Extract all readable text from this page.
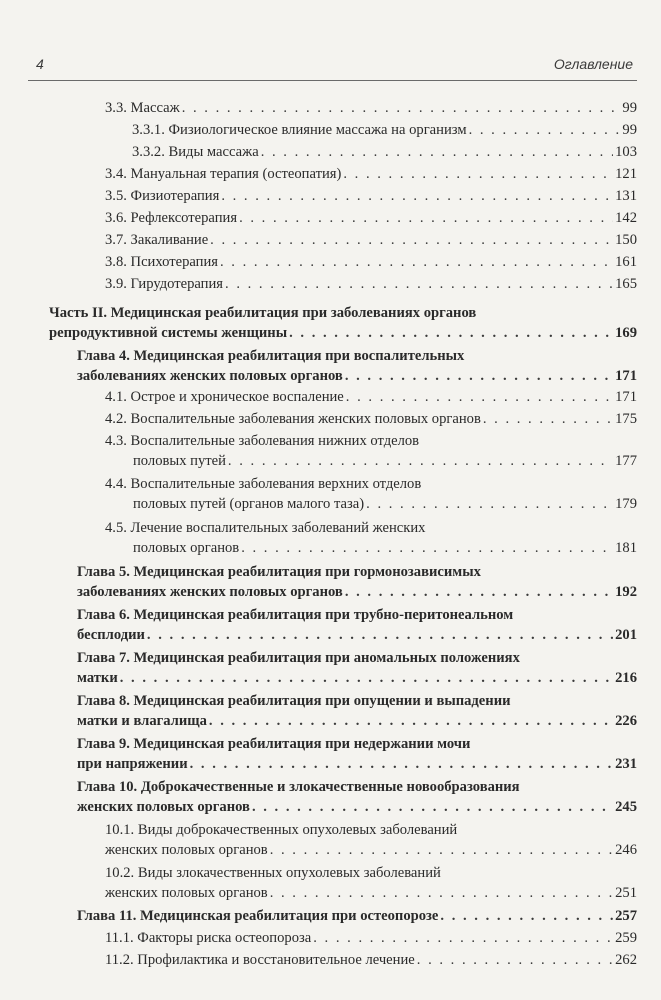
4	Оглавление
3.3. Массаж . . .	99
3.3.1. Физиологическое влияние массажа на организм . . .	99
3.3.2. Виды массажа . . .	103
3.4. Мануальная терапия (остеопатия) . . .	121
3.5. Физиотерапия . . .	131
3.6. Рефлексотерапия . . .	142
3.7. Закаливание . . .	150
3.8. Психотерапия . . .	161
3.9. Гирудотерапия . . .	165
Часть II. Медицинская реабилитация при заболеваниях органов
репродуктивной системы женщины . . .	169
Глава 4. Медицинская реабилитация при воспалительных
заболеваниях женских половых органов . . .	171
4.1. Острое и хроническое воспаление . . .	171
4.2. Воспалительные заболевания женских половых органов . . .	175
4.3. Воспалительные заболевания нижних отделов
половых путей . . .	177
4.4. Воспалительные заболевания верхних отделов
половых путей (органов малого таза) . . .	179
4.5. Лечение воспалительных заболеваний женских
половых органов . . .	181
Глава 5. Медицинская реабилитация при гормонозависимых
заболеваниях женских половых органов . . .	192
Глава 6. Медицинская реабилитация при трубно-перитонеальном
бесплодии . . .	201
Глава 7. Медицинская реабилитация при аномальных положениях
матки . . .	216
Глава 8. Медицинская реабилитация при опущении и выпадении
матки и влагалища . . .	226
Глава 9. Медицинская реабилитация при недержании мочи
при напряжении . . .	231
Глава 10. Доброкачественные и злокачественные новообразования
женских половых органов . . .	245
10.1. Виды доброкачественных опухолевых заболеваний
женских половых органов . . .	246
10.2. Виды злокачественных опухолевых заболеваний
женских половых органов . . .	251
Глава 11. Медицинская реабилитация при остеопорозе . . .	257
11.1. Факторы риска остеопороза . . .	259
11.2. Профилактика и восстановительное лечение . . .	262
